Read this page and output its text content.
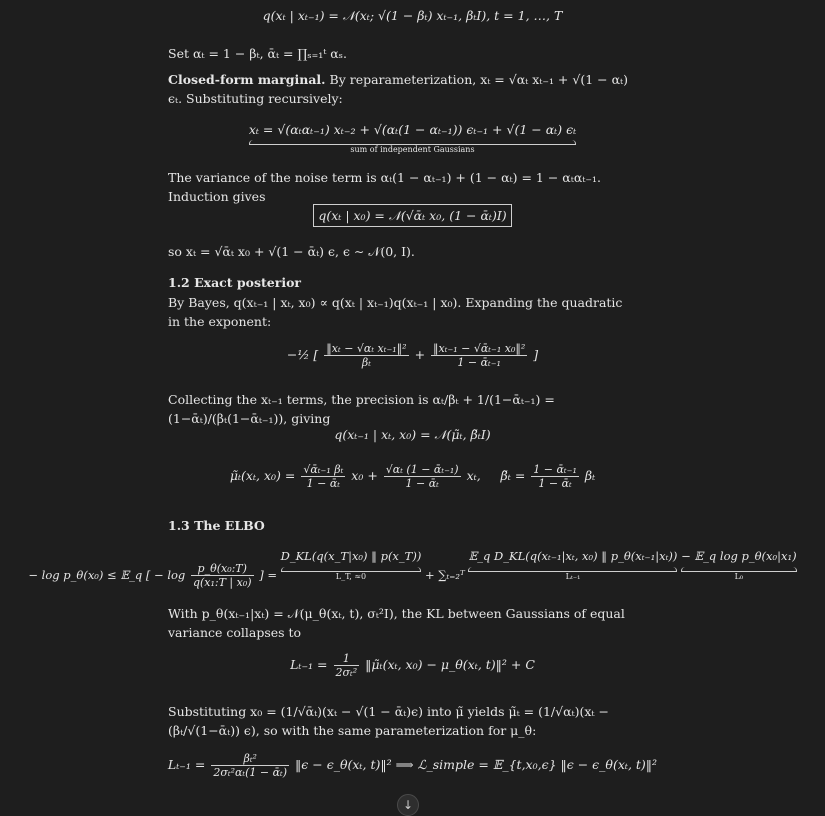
q(xₜ | xₜ₋₁) = 𝒩(xₜ; √(1 − βₜ) xₜ₋₁, βₜI), t = 1, …, T

Set αₜ = 1 − βₜ, ᾱₜ = ∏ₛ₌₁ᵗ αₛ.

Closed-form marginal. By reparameterization, xₜ = √αₜ xₜ₋₁ + √(1 − αₜ) ϵₜ. Substituting recursively:

xₜ = √(αₜαₜ₋₁) xₜ₋₂ + √(αₜ(1 − αₜ₋₁)) ϵₜ₋₁ + √(1 − αₜ) ϵₜ
sum of independent Gaussians

The variance of the noise term is αₜ(1 − αₜ₋₁) + (1 − αₜ) = 1 − αₜαₜ₋₁. Induction gives

q(xₜ | x₀) = 𝒩(√ᾱₜ x₀, (1 − ᾱₜ)I)

so xₜ = √ᾱₜ x₀ + √(1 − ᾱₜ) ϵ, ϵ ∼ 𝒩(0, I).

1.2 Exact posterior

By Bayes, q(xₜ₋₁ | xₜ, x₀) ∝ q(xₜ | xₜ₋₁)q(xₜ₋₁ | x₀). Expanding the quadratic in the exponent:

−½ [ $\frac{\text{‖xₜ − √αₜ xₜ₋₁‖²}}{\text{βₜ}} + \frac{\text{‖xₜ₋₁ − √ᾱₜ₋₁ x₀‖²}}{\text{1 − ᾱₜ₋₁}}$ ]

Collecting the xₜ₋₁ terms, the precision is αₜ/βₜ + 1/(1−ᾱₜ₋₁) = (1−ᾱₜ)/(βₜ(1−ᾱₜ₋₁)), giving

q(xₜ₋₁ | xₜ, x₀) = 𝒩(μ̃ₜ, β̃ₜI)
μ̃ₜ(xₜ, $x_0) = \frac{\text{√ᾱₜ₋₁ βₜ}}{\text{1 − ᾱₜ}} x_0 + \frac{\text{√αₜ (1 − ᾱₜ₋₁)}}{\text{1 − ᾱₜ}} x_t$, β̃ₜ = $\frac{\text{1 − ᾱₜ₋₁}}{\text{1 − ᾱₜ}}$ βₜ

1.3 The ELBO

− log p_θ(x₀) ≤ 𝔼_q [ − $\log \frac{\text{p\_θ(x₀:T)}}{\text{q(x₁:T | x₀)}}$ ] = D_KL(q(x_T|x₀) ‖ p(x_T))
L_T, ≈0	+ ∑ₜ₌₂ᵀ 𝔼_q D_KL(q(xₜ₋₁|xₜ, x₀) ‖ p_θ(xₜ₋₁|xₜ))
Lₜ₋₁
− 𝔼_q log p_θ(x₀|x₁)
L₀

With p_θ(xₜ₋₁|xₜ) = 𝒩(μ_θ(xₜ, t), σₜ²I), the KL between Gaussians of equal variance collapses to

$L_{t-1} = \frac{1}{\text{2σₜ²}}$ ‖μ̃ₜ(xₜ, x₀) − μ_θ(xₜ, t)‖² + C

Substituting x₀ = (1/√ᾱₜ)(xₜ − √(1 − ᾱₜ)ϵ) into μ̃ yields μ̃ₜ = (1/√αₜ)(xₜ − (βₜ/√(1−ᾱₜ)) ϵ), so with the same parameterization for μ_θ:

$L_{t-1} = \frac{\text{βₜ²}}{\text{2σₜ²αₜ(1 − ᾱₜ)}}$ ‖ϵ − ϵ_θ(xₜ, t)‖² ⟹ ℒ_simple = 𝔼_{t,x₀,ϵ} ‖ϵ − ϵ_θ(xₜ, t)‖²
↓
